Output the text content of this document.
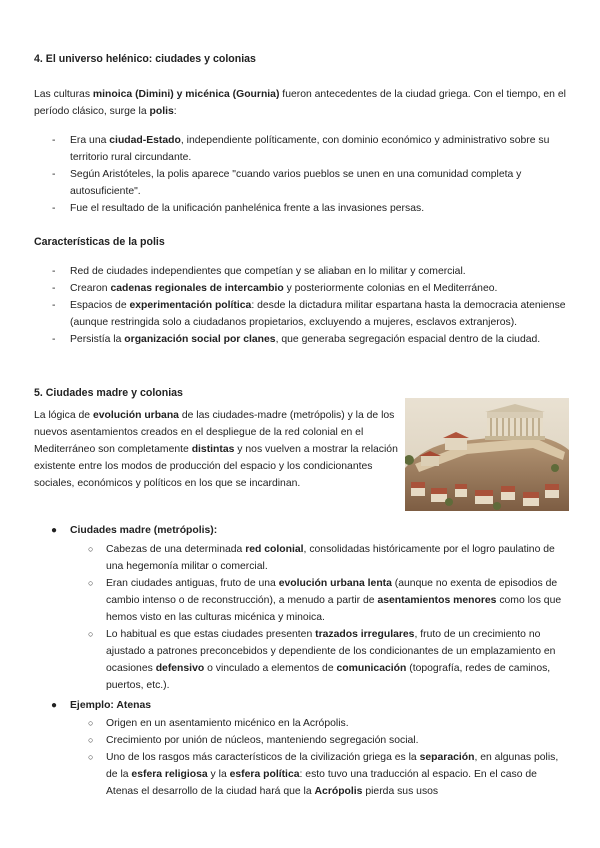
4. El universo helénico: ciudades y colonias

Las culturas minoica (Dimini) y micénica (Gournia) fueron antecedentes de la ciudad griega. Con el tiempo, en el período clásico, surge la polis:

- Era una ciudad-Estado, independiente políticamente, con dominio económico y administrativo sobre su territorio rural circundante.
- Según Aristóteles, la polis aparece "cuando varios pueblos se unen en una comunidad completa y autosuficiente".
- Fue el resultado de la unificación panhelénica frente a las invasiones persas.

Características de la polis

- Red de ciudades independientes que competían y se aliaban en lo militar y comercial.
- Crearon cadenas regionales de intercambio y posteriormente colonias en el Mediterráneo.
- Espacios de experimentación política: desde la dictadura militar espartana hasta la democracia ateniense (aunque restringida solo a ciudadanos propietarios, excluyendo a mujeres, esclavos extranjeros).
- Persistía la organización social por clanes, que generaba segregación espacial dentro de la ciudad.

5. Ciudades madre y colonias

La lógica de evolución urbana de las ciudades-madre (metrópolis) y la de los nuevos asentamientos creados en el despliegue de la red colonial en el Mediterráneo son completamente distintas y nos vuelven a mostrar la relación existente entre los modos de producción del espacio y los condicionantes sociales, económicos y políticos en los que se incardinan.

● Ciudades madre (metrópolis):
○ Cabezas de una determinada red colonial, consolidadas históricamente por el logro paulatino de una hegemonía militar o comercial.
○ Eran ciudades antiguas, fruto de una evolución urbana lenta (aunque no exenta de episodios de cambio intenso o de reconstrucción), a menudo a partir de asentamientos menores como los que hemos visto en las culturas micénica y minoica.
○ Lo habitual es que estas ciudades presenten trazados irregulares, fruto de un crecimiento no ajustado a patrones preconcebidos y dependiente de los condicionantes de un emplazamiento en ocasiones defensivo o vinculado a elementos de comunicación (topografía, redes de caminos, puertos, etc.).
● Ejemplo: Atenas
○ Origen en un asentamiento micénico en la Acrópolis.
○ Crecimiento por unión de núcleos, manteniendo segregación social.
○ Uno de los rasgos más característicos de la civilización griega es la separación, en algunas polis, de la esfera religiosa y la esfera política: esto tuvo una traducción al espacio. En el caso de Atenas el desarrollo de la ciudad hará que la Acrópolis pierda sus usos
